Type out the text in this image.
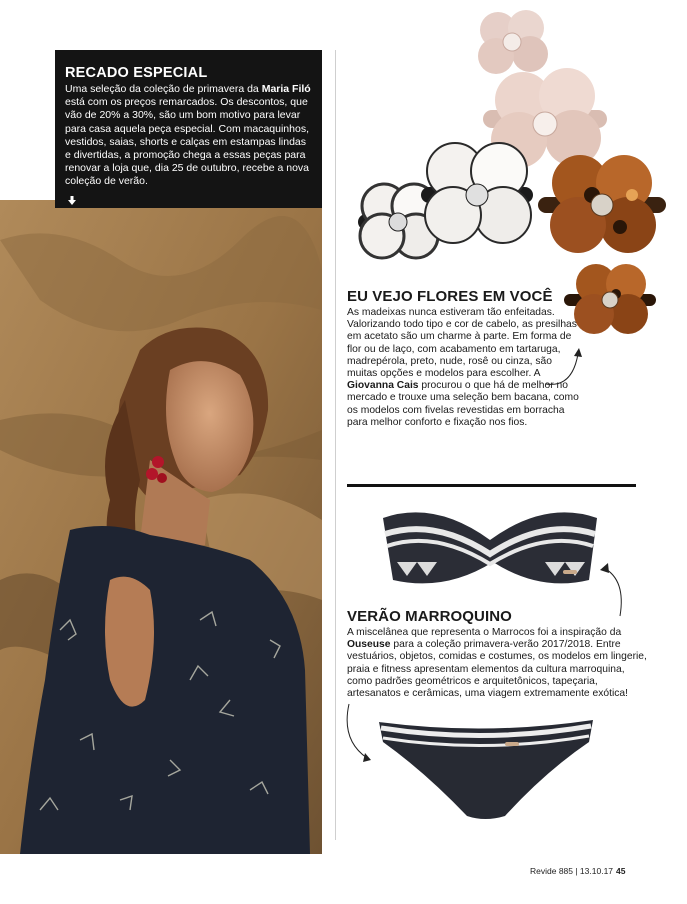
RECADO ESPECIAL
Uma seleção da coleção de primavera da Maria Filó está com os preços remarcados. Os descontos, que vão de 20% a 30%, são um bom motivo para levar para casa aquela peça especial. Com macaquinhos, vestidos, saias, shorts e calças em estampas lindas e divertidas, a promoção chega a essas peças para renovar a loja que, dia 25 de outubro, recebe a nova coleção de verão.
EU VEJO FLORES EM VOCÊ
As madeixas nunca estiveram tão enfeitadas. Valorizando todo tipo e cor de cabelo, as presilhas em acetato são um charme à parte. Em forma de flor ou de laço, com acabamento em tartaruga, madrepérola, preto, nude, rosê ou cinza, são muitas opções e modelos para escolher. A Giovanna Cais procurou o que há de melhor no mercado e trouxe uma seleção bem bacana, como os modelos com fivelas revestidas em borracha para melhor conforto e fixação nos fios.
VERÃO MARROQUINO
A miscelânea que representa o Marrocos foi a inspiração da Ouseuse para a coleção primavera-verão 2017/2018. Entre vestuários, objetos, comidas e costumes, os modelos em lingerie, praia e fitness apresentam elementos da cultura marroquina, como padrões geométricos e arquitetônicos, tapeçaria, artesanatos e cerâmicas, uma viagem extremamente exótica!
Revide 885 | 13.10.17 45
